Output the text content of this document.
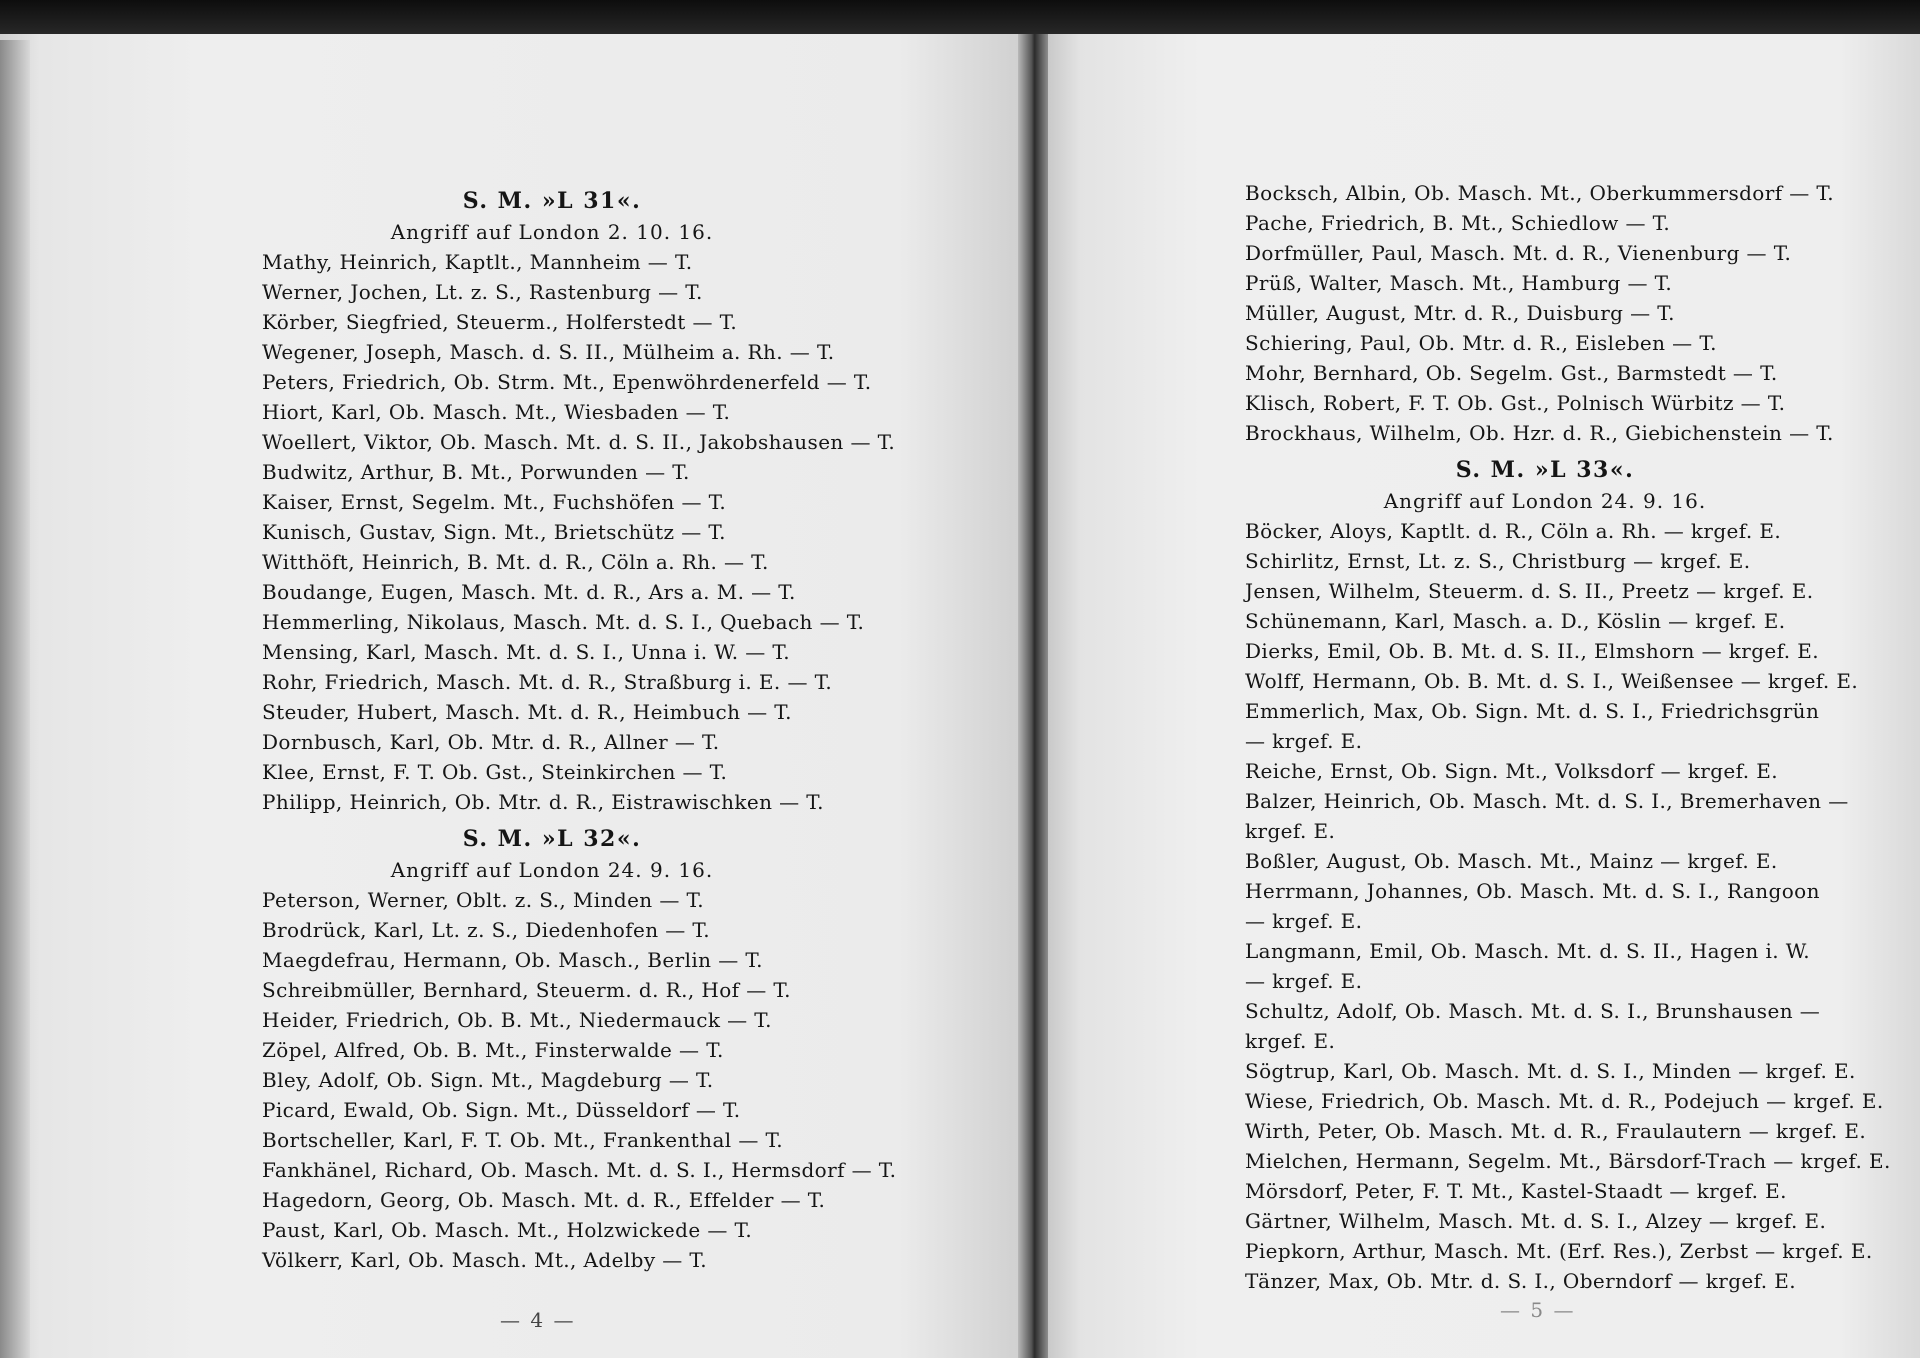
S. M. »L 31«.
Angriff auf London 2. 10. 16.
Mathy, Heinrich, Kaptlt., Mannheim — T.
Werner, Jochen, Lt. z. S., Rastenburg — T.
Körber, Siegfried, Steuerm., Holferstedt — T.
Wegener, Joseph, Masch. d. S. II., Mülheim a. Rh. — T.
Peters, Friedrich, Ob. Strm. Mt., Epenwöhrdenerfeld — T.
Hiort, Karl, Ob. Masch. Mt., Wiesbaden — T.
Woellert, Viktor, Ob. Masch. Mt. d. S. II., Jakobshausen — T.
Budwitz, Arthur, B. Mt., Porwunden — T.
Kaiser, Ernst, Segelm. Mt., Fuchshöfen — T.
Kunisch, Gustav, Sign. Mt., Brietschütz — T.
Witthöft, Heinrich, B. Mt. d. R., Cöln a. Rh. — T.
Boudange, Eugen, Masch. Mt. d. R., Ars a. M. — T.
Hemmerling, Nikolaus, Masch. Mt. d. S. I., Quebach — T.
Mensing, Karl, Masch. Mt. d. S. I., Unna i. W. — T.
Rohr, Friedrich, Masch. Mt. d. R., Straßburg i. E. — T.
Steuder, Hubert, Masch. Mt. d. R., Heimbuch — T.
Dornbusch, Karl, Ob. Mtr. d. R., Allner — T.
Klee, Ernst, F. T. Ob. Gst., Steinkirchen — T.
Philipp, Heinrich, Ob. Mtr. d. R., Eistrawischken — T.
S. M. »L 32«.
Angriff auf London 24. 9. 16.
Peterson, Werner, Oblt. z. S., Minden — T.
Brodrück, Karl, Lt. z. S., Diedenhofen — T.
Maegdefrau, Hermann, Ob. Masch., Berlin — T.
Schreibmüller, Bernhard, Steuerm. d. R., Hof — T.
Heider, Friedrich, Ob. B. Mt., Niedermauck — T.
Zöpel, Alfred, Ob. B. Mt., Finsterwalde — T.
Bley, Adolf, Ob. Sign. Mt., Magdeburg — T.
Picard, Ewald, Ob. Sign. Mt., Düsseldorf — T.
Bortscheller, Karl, F. T. Ob. Mt., Frankenthal — T.
Fankhänel, Richard, Ob. Masch. Mt. d. S. I., Hermsdorf — T.
Hagedorn, Georg, Ob. Masch. Mt. d. R., Effelder — T.
Paust, Karl, Ob. Masch. Mt., Holzwickede — T.
Völkerr, Karl, Ob. Masch. Mt., Adelby — T.
Bocksch, Albin, Ob. Masch. Mt., Oberkummersdorf — T.
Pache, Friedrich, B. Mt., Schiedlow — T.
Dorfmüller, Paul, Masch. Mt. d. R., Vienenburg — T.
Prüß, Walter, Masch. Mt., Hamburg — T.
Müller, August, Mtr. d. R., Duisburg — T.
Schiering, Paul, Ob. Mtr. d. R., Eisleben — T.
Mohr, Bernhard, Ob. Segelm. Gst., Barmstedt — T.
Klisch, Robert, F. T. Ob. Gst., Polnisch Würbitz — T.
Brockhaus, Wilhelm, Ob. Hzr. d. R., Giebichenstein — T.
S. M. »L 33«.
Angriff auf London 24. 9. 16.
Böcker, Aloys, Kaptlt. d. R., Cöln a. Rh. — krgef. E.
Schirlitz, Ernst, Lt. z. S., Christburg — krgef. E.
Jensen, Wilhelm, Steuerm. d. S. II., Preetz — krgef. E.
Schünemann, Karl, Masch. a. D., Köslin — krgef. E.
Dierks, Emil, Ob. B. Mt. d. S. II., Elmshorn — krgef. E.
Wolff, Hermann, Ob. B. Mt. d. S. I., Weißensee — krgef. E.
Emmerlich, Max, Ob. Sign. Mt. d. S. I., Friedrichsgrün
— krgef. E.
Reiche, Ernst, Ob. Sign. Mt., Volksdorf — krgef. E.
Balzer, Heinrich, Ob. Masch. Mt. d. S. I., Bremerhaven —
krgef. E.
Boßler, August, Ob. Masch. Mt., Mainz — krgef. E.
Herrmann, Johannes, Ob. Masch. Mt. d. S. I., Rangoon
— krgef. E.
Langmann, Emil, Ob. Masch. Mt. d. S. II., Hagen i. W.
— krgef. E.
Schultz, Adolf, Ob. Masch. Mt. d. S. I., Brunshausen —
krgef. E.
Sögtrup, Karl, Ob. Masch. Mt. d. S. I., Minden — krgef. E.
Wiese, Friedrich, Ob. Masch. Mt. d. R., Podejuch — krgef. E.
Wirth, Peter, Ob. Masch. Mt. d. R., Fraulautern — krgef. E.
Mielchen, Hermann, Segelm. Mt., Bärsdorf-Trach — krgef. E.
Mörsdorf, Peter, F. T. Mt., Kastel-Staadt — krgef. E.
Gärtner, Wilhelm, Masch. Mt. d. S. I., Alzey — krgef. E.
Piepkorn, Arthur, Masch. Mt. (Erf. Res.), Zerbst — krgef. E.
Tänzer, Max, Ob. Mtr. d. S. I., Oberndorf — krgef. E.
— 4 —	— 5 —
